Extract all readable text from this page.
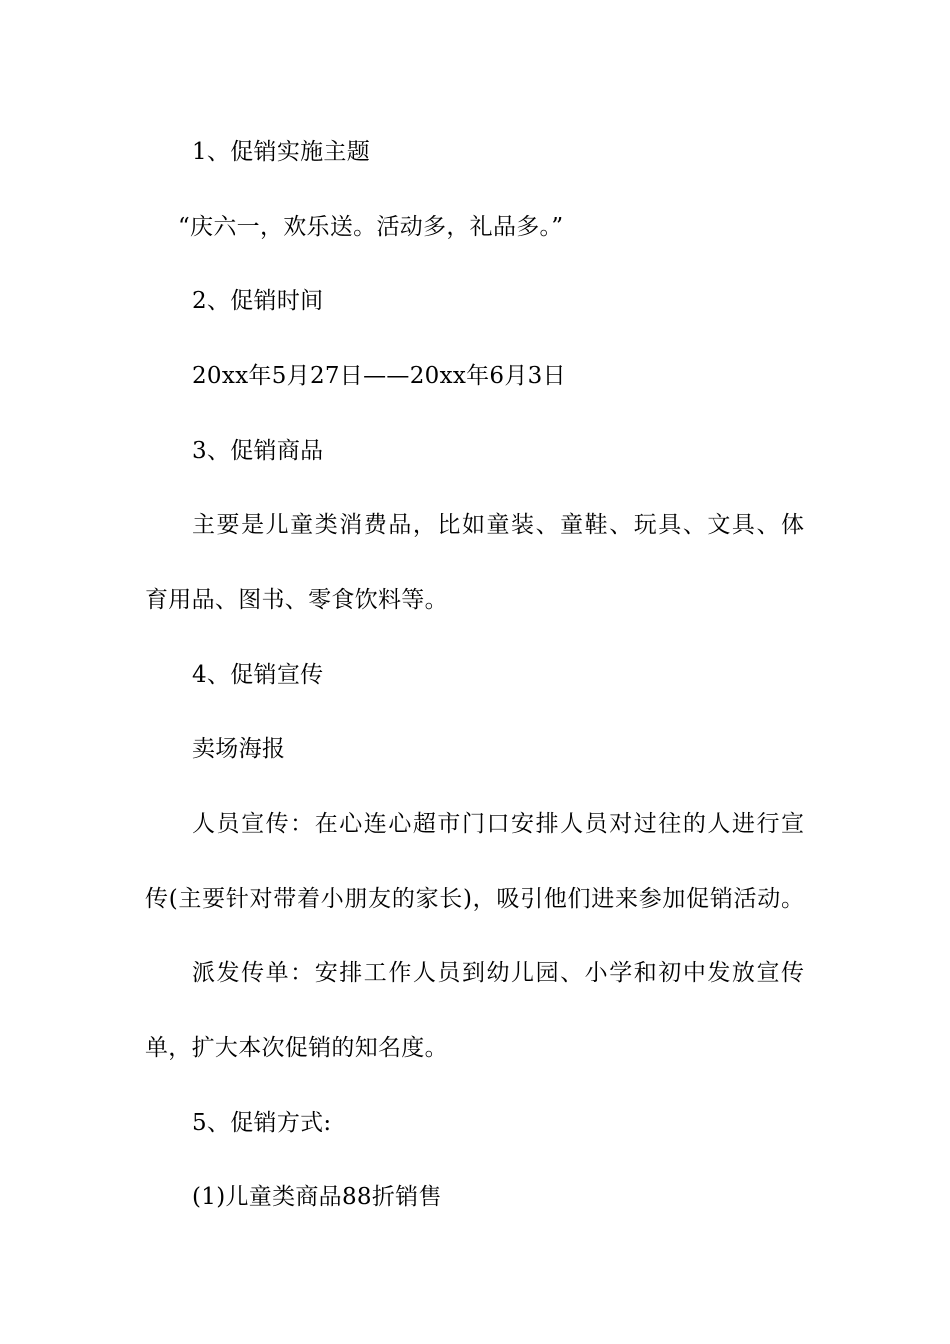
1、促销实施主题
“庆六一，欢乐送。活动多，礼品多。”
2、促销时间
20xx年5月27日——20xx年6月3日
3、促销商品
主要是儿童类消费品，比如童装、童鞋、玩具、文具、体
育用品、图书、零食饮料等。
4、促销宣传
卖场海报
人员宣传：在心连心超市门口安排人员对过往的人进行宣
传(主要针对带着小朋友的家长)，吸引他们进来参加促销活动。
派发传单：安排工作人员到幼儿园、小学和初中发放宣传
单，扩大本次促销的知名度。
5、促销方式:
(1)儿童类商品88折销售
